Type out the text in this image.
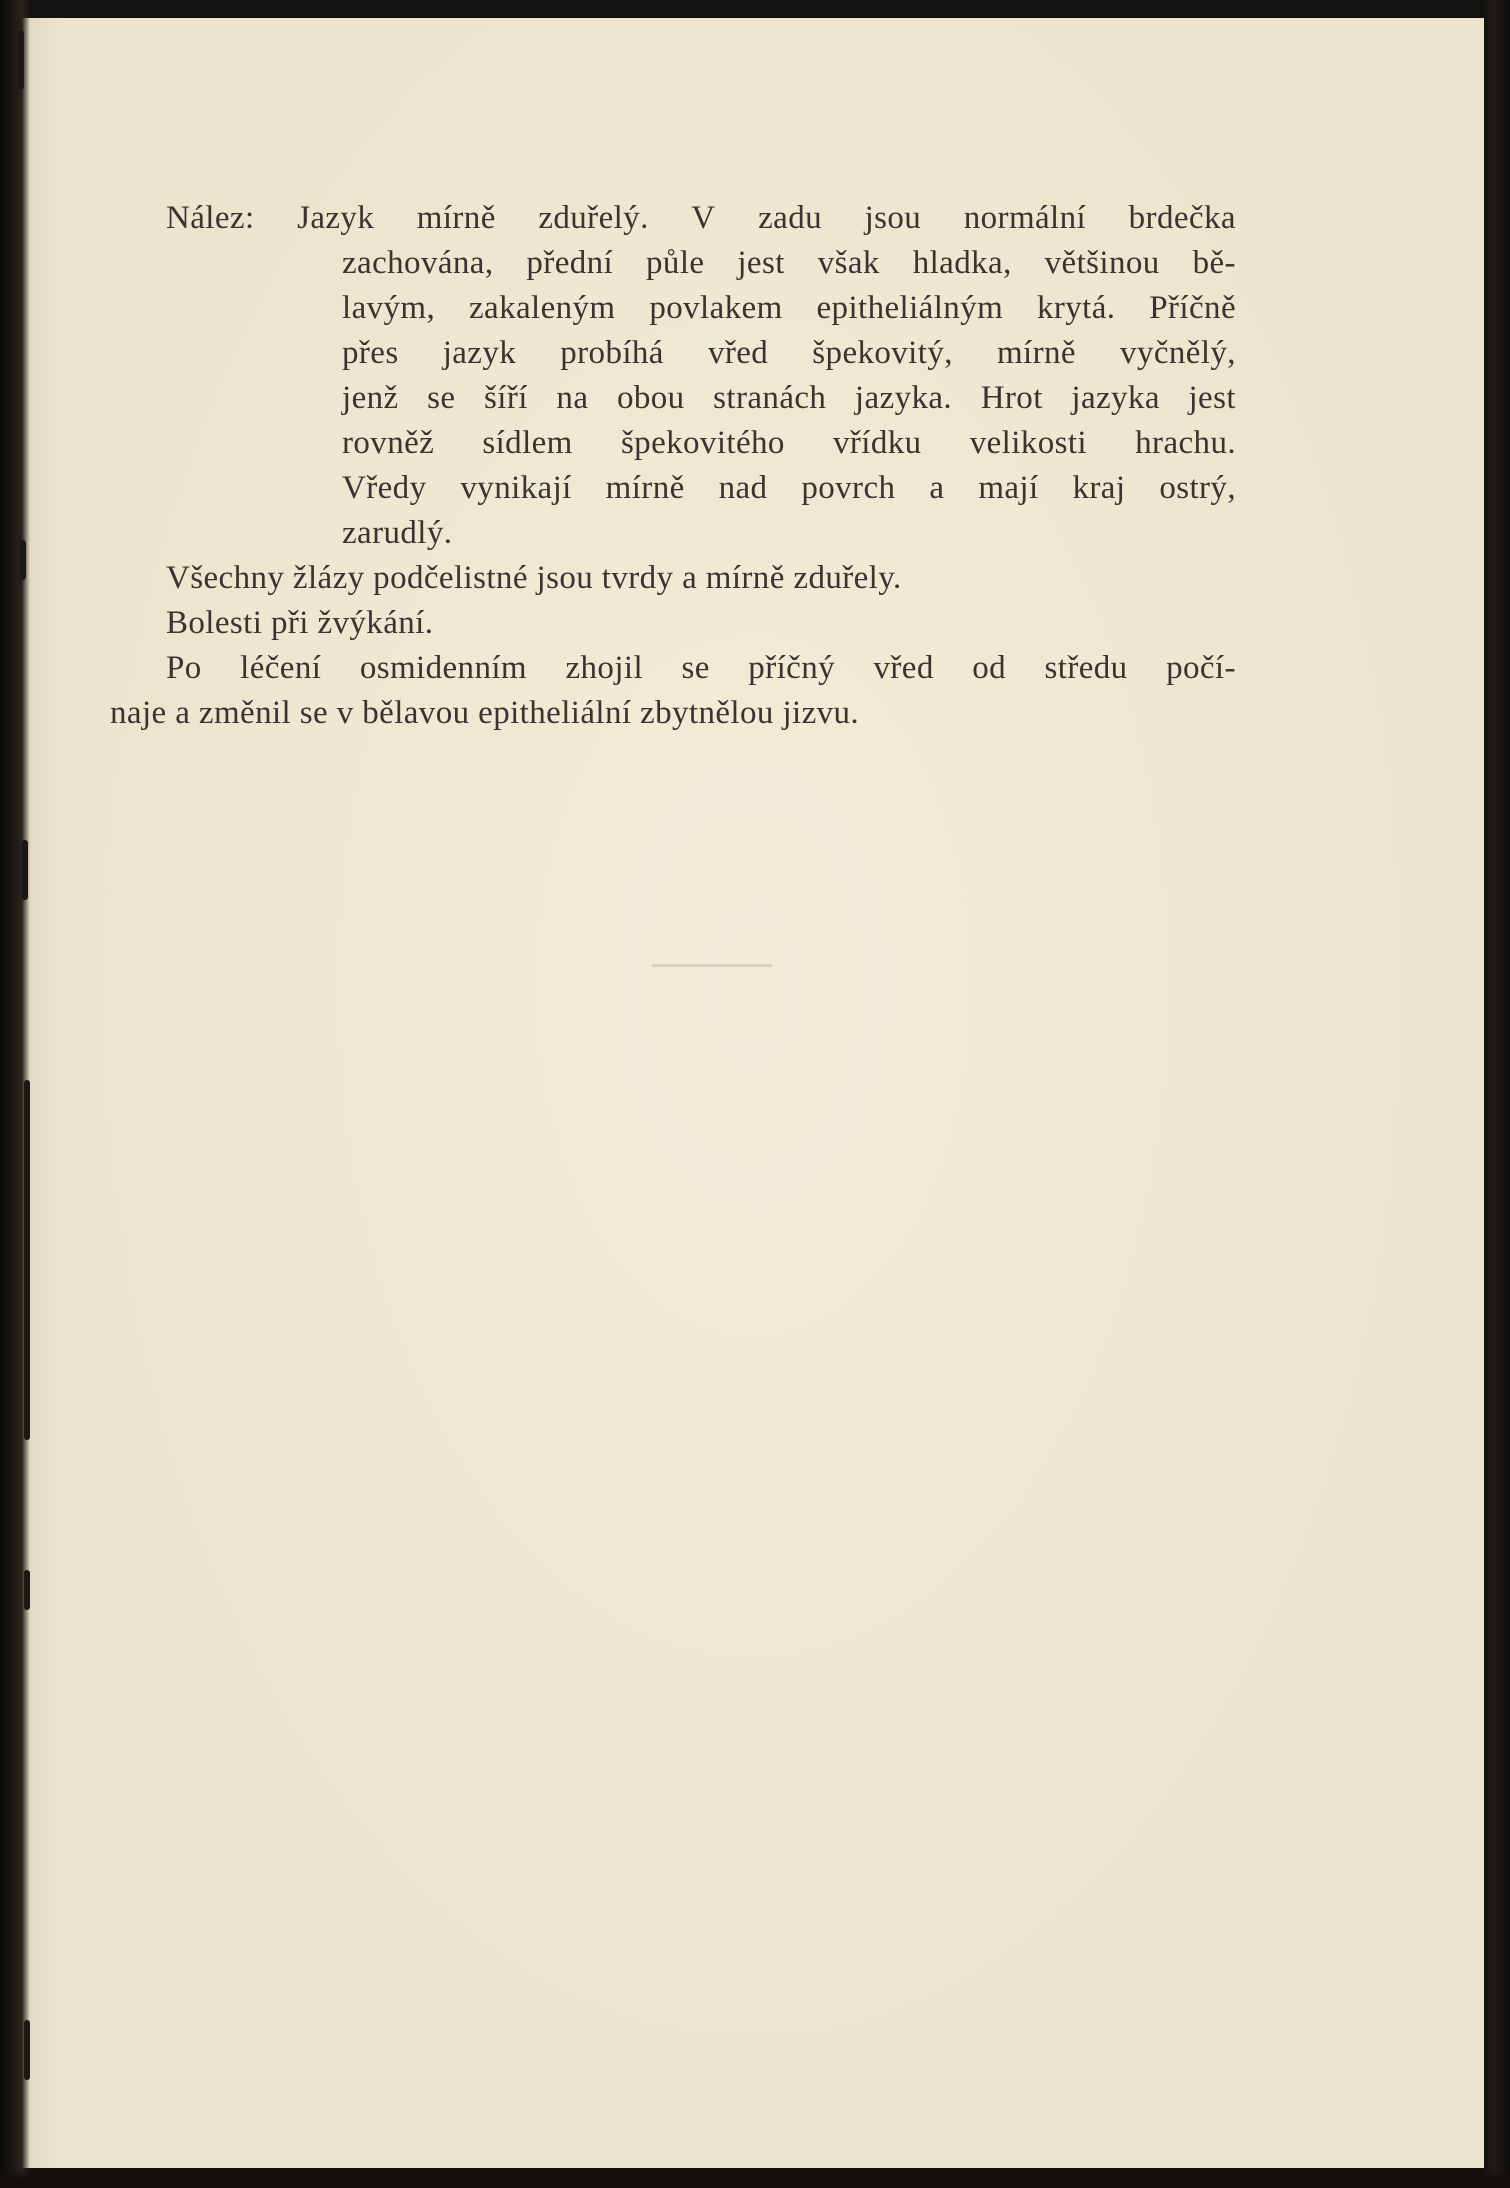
Nález: Jazyk mírně zduřelý. V zadu jsou normální brdečka
zachována, přední půle jest však hladka, většinou bě-
lavým, zakaleným povlakem epitheliálným krytá. Příčně
přes jazyk probíhá vřed špekovitý, mírně vyčnělý,
jenž se šíří na obou stranách jazyka. Hrot jazyka jest
rovněž sídlem špekovitého vřídku velikosti hrachu.
Vředy vynikají mírně nad povrch a mají kraj ostrý,
zarudlý.
Všechny žlázy podčelistné jsou tvrdy a mírně zduřely.
Bolesti při žvýkání.
Po léčení osmidenním zhojil se příčný vřed od středu počí-
naje a změnil se v bělavou epitheliální zbytnělou jizvu.
